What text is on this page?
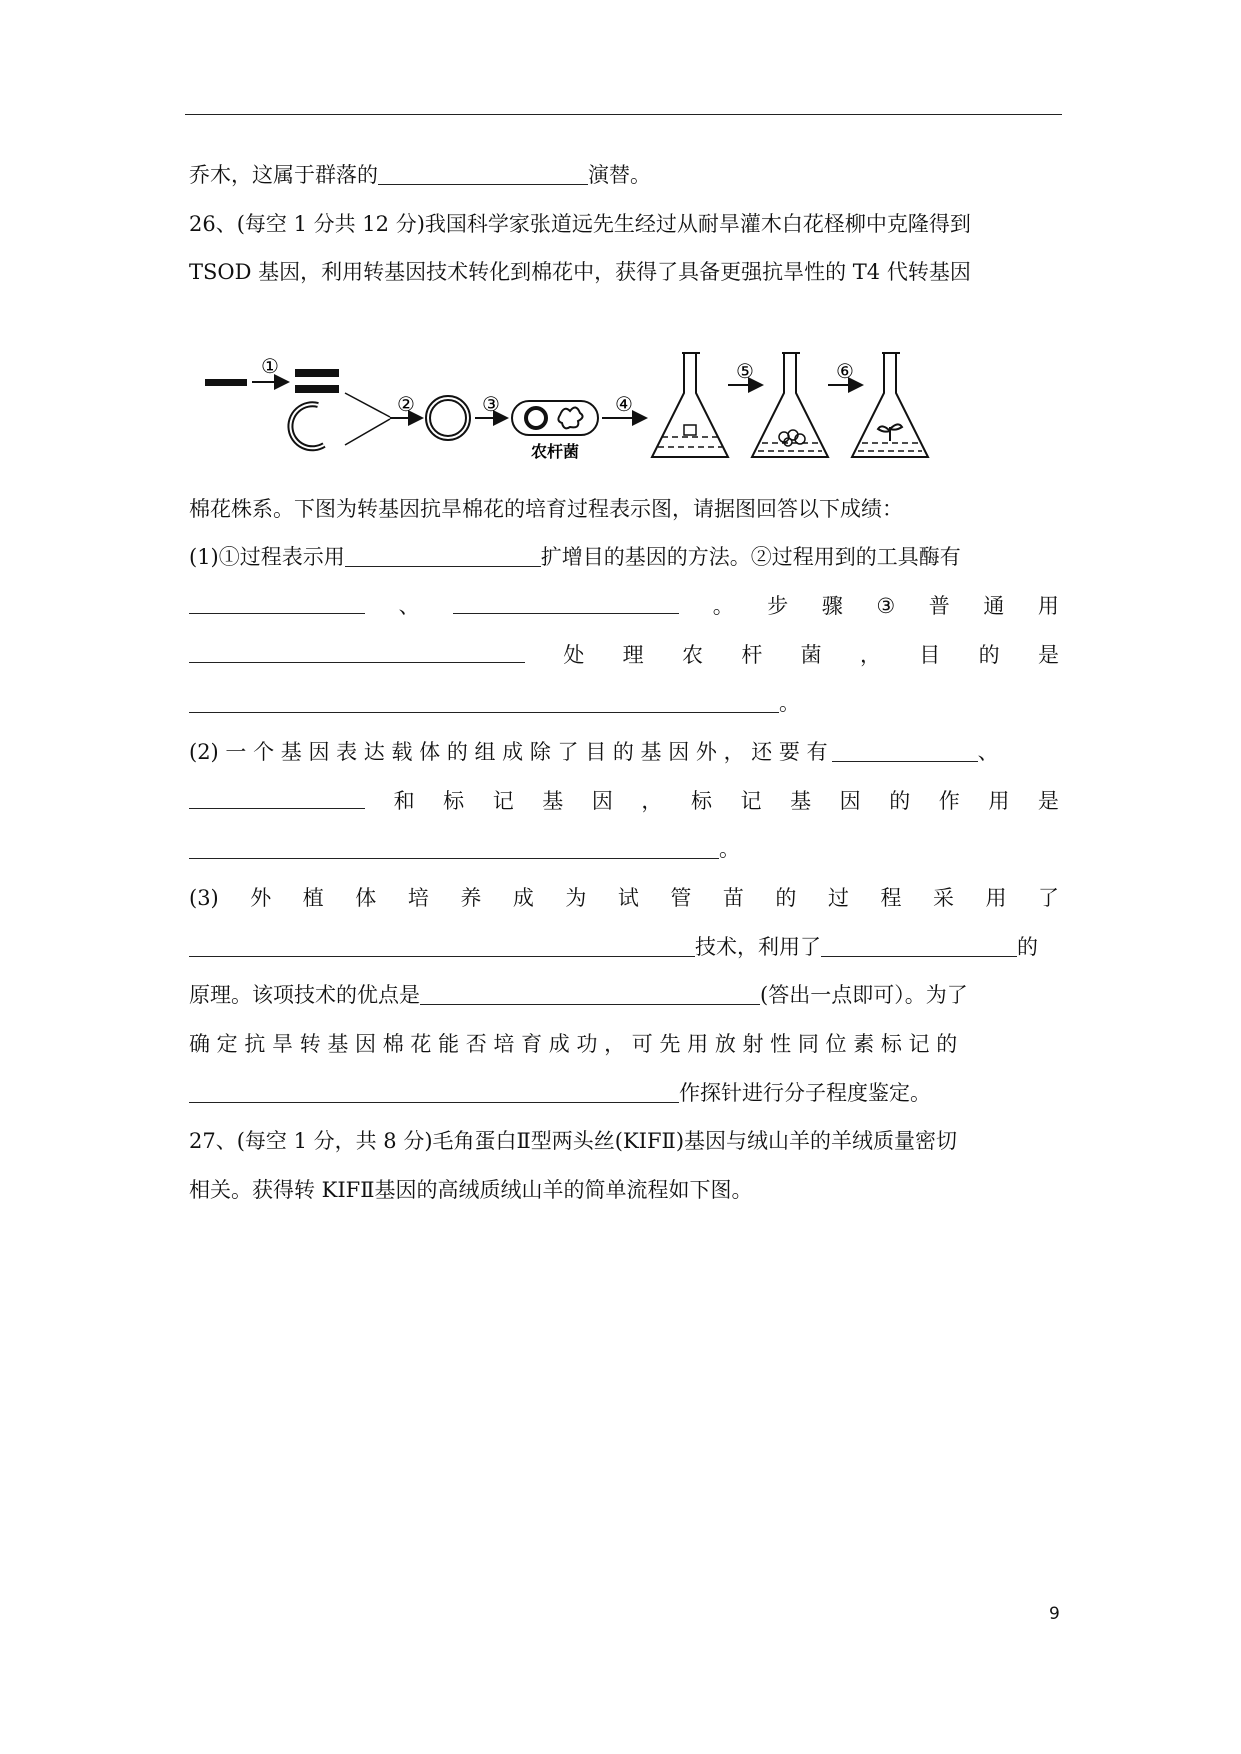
乔木，这属于群落的	演替。
26、(每空 1 分共 12 分)我国科学家张道远先生经过从耐旱灌木白花柽柳中克隆得到
TSOD 基因，利用转基因技术转化到棉花中，获得了具备更强抗旱性的 T4 代转基因
①
②	③
农杆菌
④
⑤	⑥
棉花株系。下图为转基因抗旱棉花的培育过程表示图，请据图回答以下成绩：
(1)①过程表示用	扩增目的基因的方法。②过程用到的工具酶有
、	。 步 骤 ③ 普 通 用
处 理 农 杆 菌 ， 目 的 是
。
(2) 一 个 基 因 表 达 载 体 的 组 成 除 了 目 的 基 因 外 ， 还 要 有	、
和 标 记 基 因 ， 标 记 基 因 的 作 用 是
。
(3) 外 植 体 培 养 成 为 试 管 苗 的 过 程 采 用 了
技术，利用了	的
原理。该项技术的优点是	(答出一点即可）。为了
确 定 抗 旱 转 基 因 棉 花 能 否 培 育 成 功 ， 可 先 用 放 射 性 同 位 素 标 记 的
作探针进行分子程度鉴定。
27、(每空 1 分，共 8 分)毛角蛋白Ⅱ型两头丝(KIFⅡ)基因与绒山羊的羊绒质量密切
相关。获得转 KIFⅡ基因的高绒质绒山羊的简单流程如下图。
9
